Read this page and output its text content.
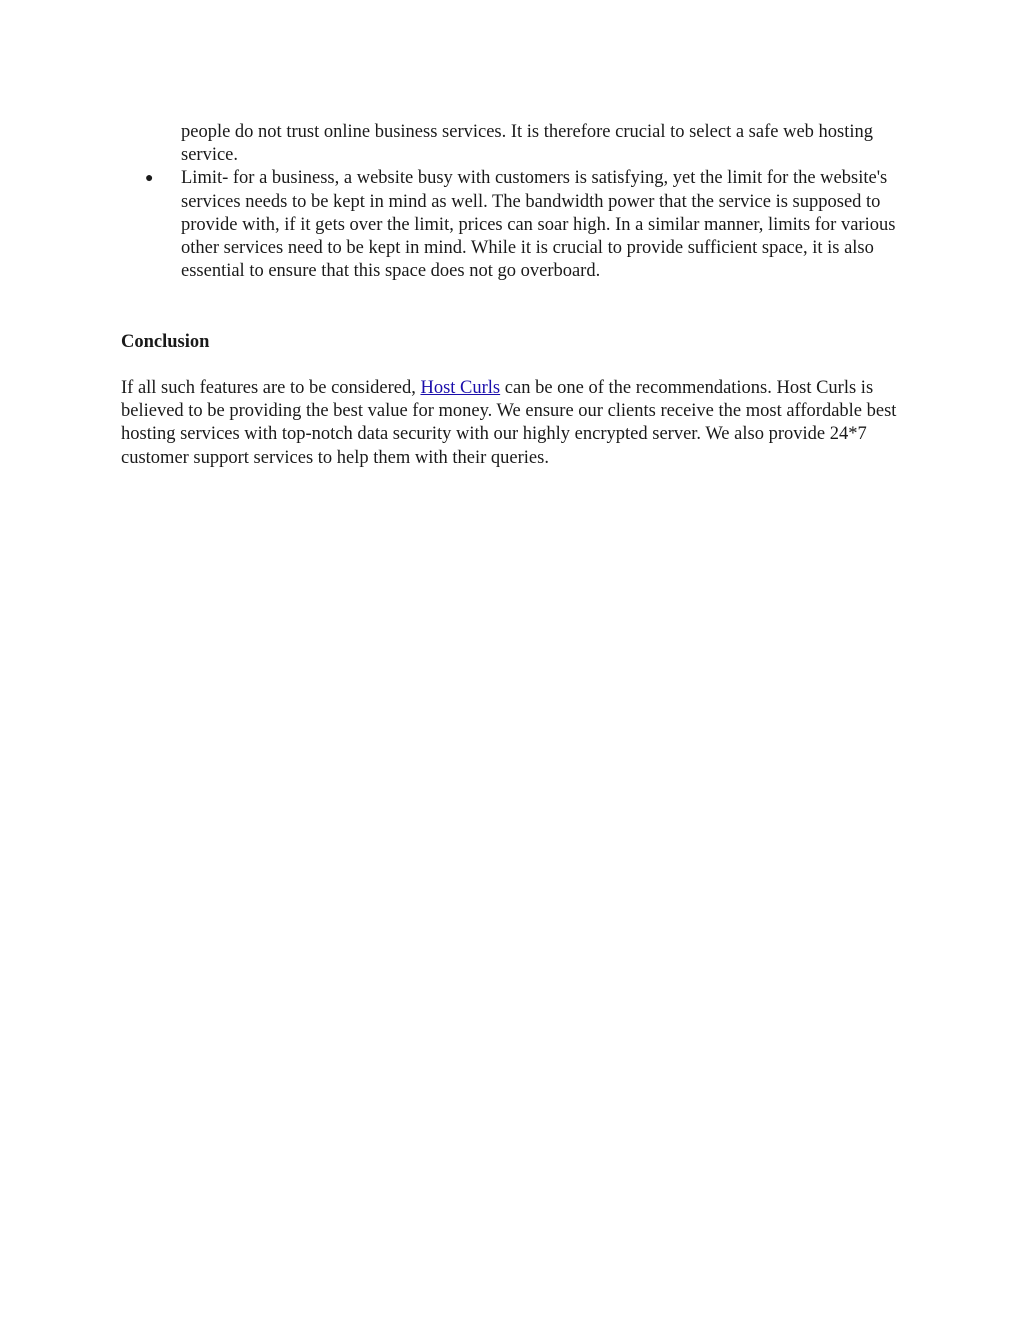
people do not trust online business services. It is therefore crucial to select a safe web hosting service.
● Limit- for a business, a website busy with customers is satisfying, yet the limit for the website's services needs to be kept in mind as well. The bandwidth power that the service is supposed to provide with, if it gets over the limit, prices can soar high. In a similar manner, limits for various other services need to be kept in mind. While it is crucial to provide sufficient space, it is also essential to ensure that this space does not go overboard.
Conclusion

If all such features are to be considered, Host Curls can be one of the recommendations. Host Curls is believed to be providing the best value for money. We ensure our clients receive the most affordable best hosting services with top-notch data security with our highly encrypted server. We also provide 24*7 customer support services to help them with their queries.
